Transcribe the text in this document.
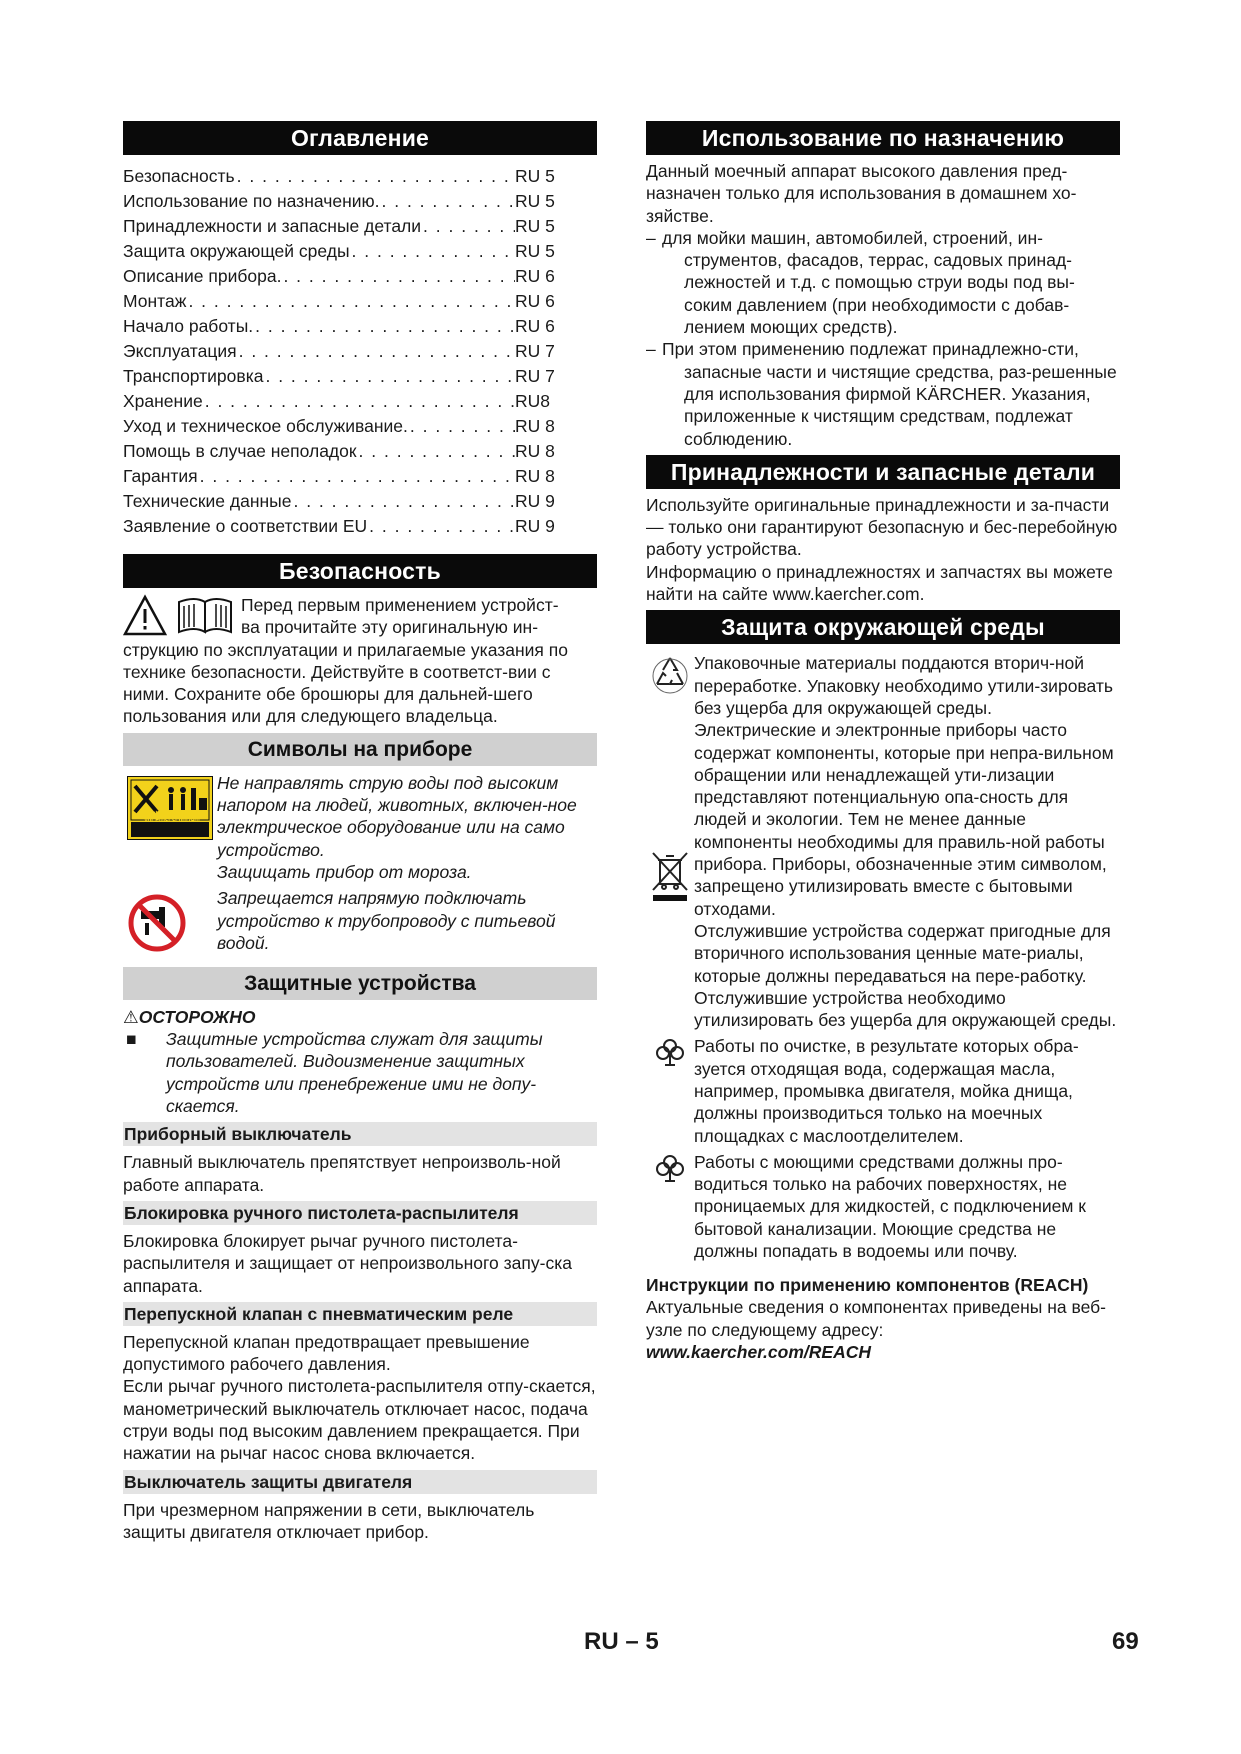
Оглавление
Безопасность . . .	RU 5
Использование по назначению. . . .	RU 5
Принадлежности и запасные детали . . .	RU 5
Защита окружающей среды . . .	RU 5
Описание прибора. . . .	RU 6
Монтаж . . .	RU 6
Начало работы. . . .	RU 6
Эксплуатация . . .	RU 7
Транспортировка . . .	RU 7
Хранение . . .	RU8
Уход и техническое обслуживание. . . .	RU 8
Помощь в случае неполадок . . .	RU 8
Гарантия . . .	RU 8
Технические данные . . .	RU 9
Заявление о соответствии EU . . .	RU 9
Безопасность

Перед первым применением устройст-

ва прочитайте эту оригинальную ин-

струкцию по эксплуатации и прилагаемые указания по технике безопасности. Действуйте в соответст-вии с ними. Сохраните обе брошюры для дальней-шего пользования или для следующего владельца.

Символы на приборе

Не направлять струю воды под высоким напором на людей, животных, включен-ное электрическое оборудование или на само устройство.

Защищать прибор от мороза.

Protect from frost!
Vor Frost schützen!

Запрещается напрямую подключать устройство к трубопроводу с питьевой водой.

Защитные устройства
⚠ОСТОРОЖНО
■	Защитные устройства служат для защиты пользователей. Видоизменение защитных устройств или пренебрежение ими не допу-скается.
Приборный выключатель

Главный выключатель препятствует непроизволь-ной работе аппарата.

Блокировка ручного пистолета-распылителя

Блокировка блокирует рычаг ручного пистолета-распылителя и защищает от непроизвольного запу-ска аппарата.

Перепускной клапан с пневматическим реле

Перепускной клапан предотвращает превышение допустимого рабочего давления.

Если рычаг ручного пистолета-распылителя отпу-скается, манометрический выключатель отключает насос, подача струи воды под высоким давлением прекращается. При нажатии на рычаг насос снова включается.

Выключатель защиты двигателя

При чрезмерном напряжении в сети, выключатель защиты двигателя отключает прибор.

Использование по назначению

Данный моечный аппарат высокого давления пред-назначен только для использования в домашнем хо-зяйстве.

– для мойки машин, автомобилей, строений, ин-струментов, фасадов, террас, садовых принад-лежностей и т.д. с помощью струи воды под вы-соким давлением (при необходимости с добав-лением моющих средств).
– При этом применению подлежат принадлежно-сти, запасные части и чистящие средства, раз-решенные для использования фирмой KÄRCHER. Указания, приложенные к чистящим средствам, подлежат соблюдению.
Принадлежности и запасные детали

Используйте оригинальные принадлежности и за-пчасти — только они гарантируют безопасную и бес-перебойную работу устройства.

Информацию о принадлежностях и запчастях вы можете найти на сайте www.kaercher.com.

Защита окружающей среды

Упаковочные материалы поддаются вторич-ной переработке. Упаковку необходимо утили-зировать без ущерба для окружающей среды.

Электрические и электронные приборы часто содержат компоненты, которые при непра-вильном обращении или ненадлежащей ути-лизации представляют потенциальную опа-сность для людей и экологии. Тем не менее данные компоненты необходимы для правиль-ной работы прибора. Приборы, обозначенные этим символом, запрещено утилизировать вместе с бытовыми отходами.

Отслужившие устройства содержат пригодные для вторичного использования ценные мате-риалы, которые должны передаваться на пере-работку. Отслужившие устройства необходимо утилизировать без ущерба для окружающей среды.

Работы по очистке, в результате которых обра-зуется отходящая вода, содержащая масла, например, промывка двигателя, мойка днища, должны производиться только на моечных площадках с маслоотделителем.

Работы с моющими средствами должны про-водиться только на рабочих поверхностях, не проницаемых для жидкостей, с подключением к бытовой канализации. Моющие средства не должны попадать в водоемы или почву.

Инструкции по применению компонентов (REACH)

Актуальные сведения о компонентах приведены на веб-узле по следующему адресу:

www.kaercher.com/REACH
RU – 5	69
